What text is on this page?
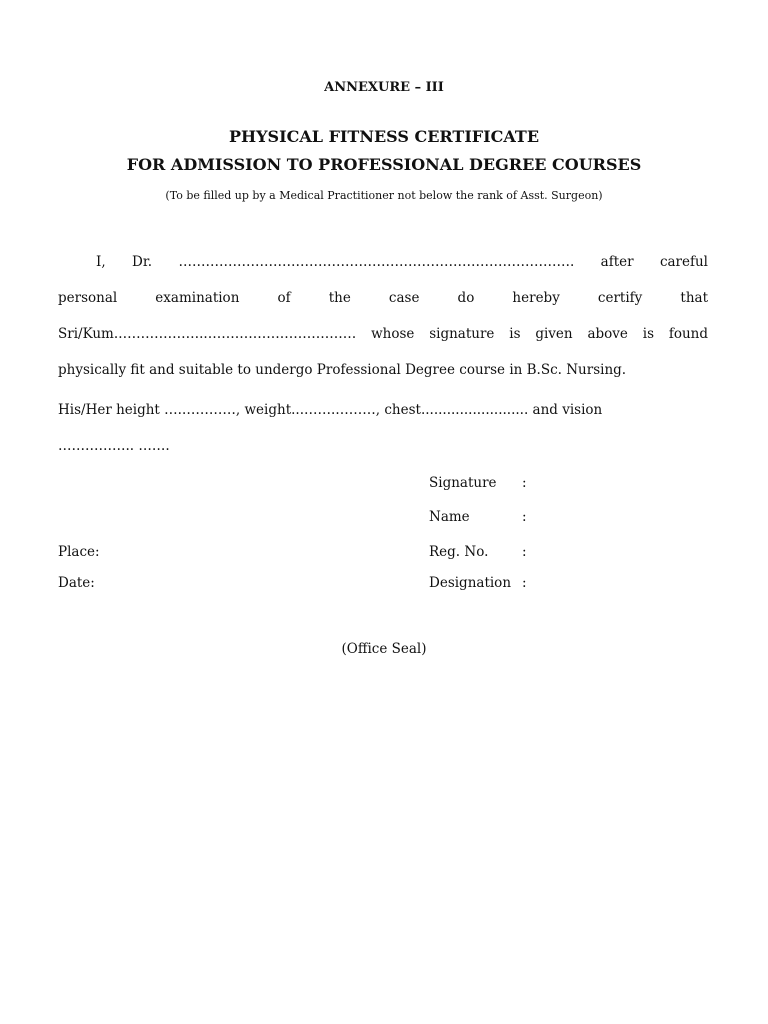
ANNEXURE – III
PHYSICAL FITNESS CERTIFICATE
FOR ADMISSION TO PROFESSIONAL DEGREE COURSES
(To be filled up by a Medical Practitioner not below the rank of Asst. Surgeon)
I, Dr. ……………………………………………………………………………. after careful
personal examination of the case do hereby certify that
Sri/Kum.………………..…………………………… whose signature is given above is found
physically fit and suitable to undergo Professional Degree course in B.Sc. Nursing.
His/Her height ….…………, weight...…….………, chest......................... and vision
…………….. …….
Signature :
Name	:
Place:	Reg. No. :
Date:	Designation :
(Office Seal)
